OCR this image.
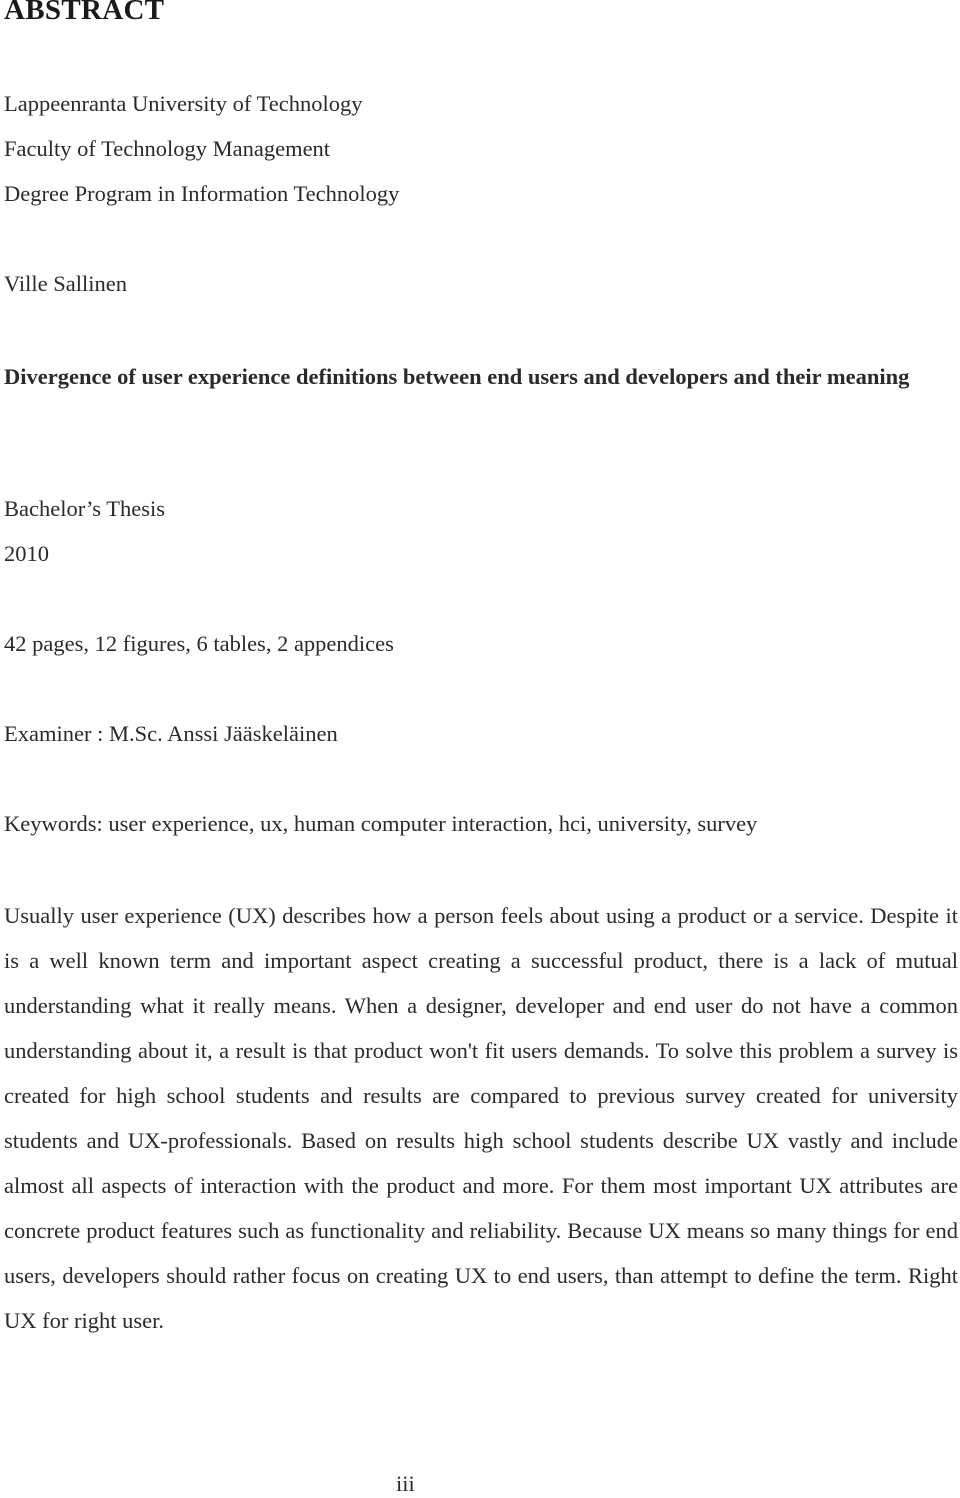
ABSTRACT
Lappeenranta University of Technology
Faculty of Technology Management
Degree Program in Information Technology
Ville Sallinen
Divergence of user experience definitions between end users and developers and their meaning
Bachelor’s Thesis
2010
42 pages, 12 figures, 6 tables, 2 appendices
Examiner : M.Sc. Anssi Jääskeläinen
Keywords: user experience, ux, human computer interaction, hci, university, survey
Usually user experience (UX) describes how a person feels about using a product or a service. Despite it is a well known term and important aspect creating a successful product, there is a lack of mutual understanding what it really means. When a designer, developer and end user do not have a common understanding about it, a result is that product won't fit users demands. To solve this problem a survey is created for high school students and results are compared to previous survey created for university students and UX-professionals. Based on results high school students describe UX vastly and include almost all aspects of interaction with the product and more. For them most important UX attributes are concrete product features such as functionality and reliability. Because UX means so many things for end users, developers should rather focus on creating UX to end users, than attempt to define the term. Right UX for right user.
iii
